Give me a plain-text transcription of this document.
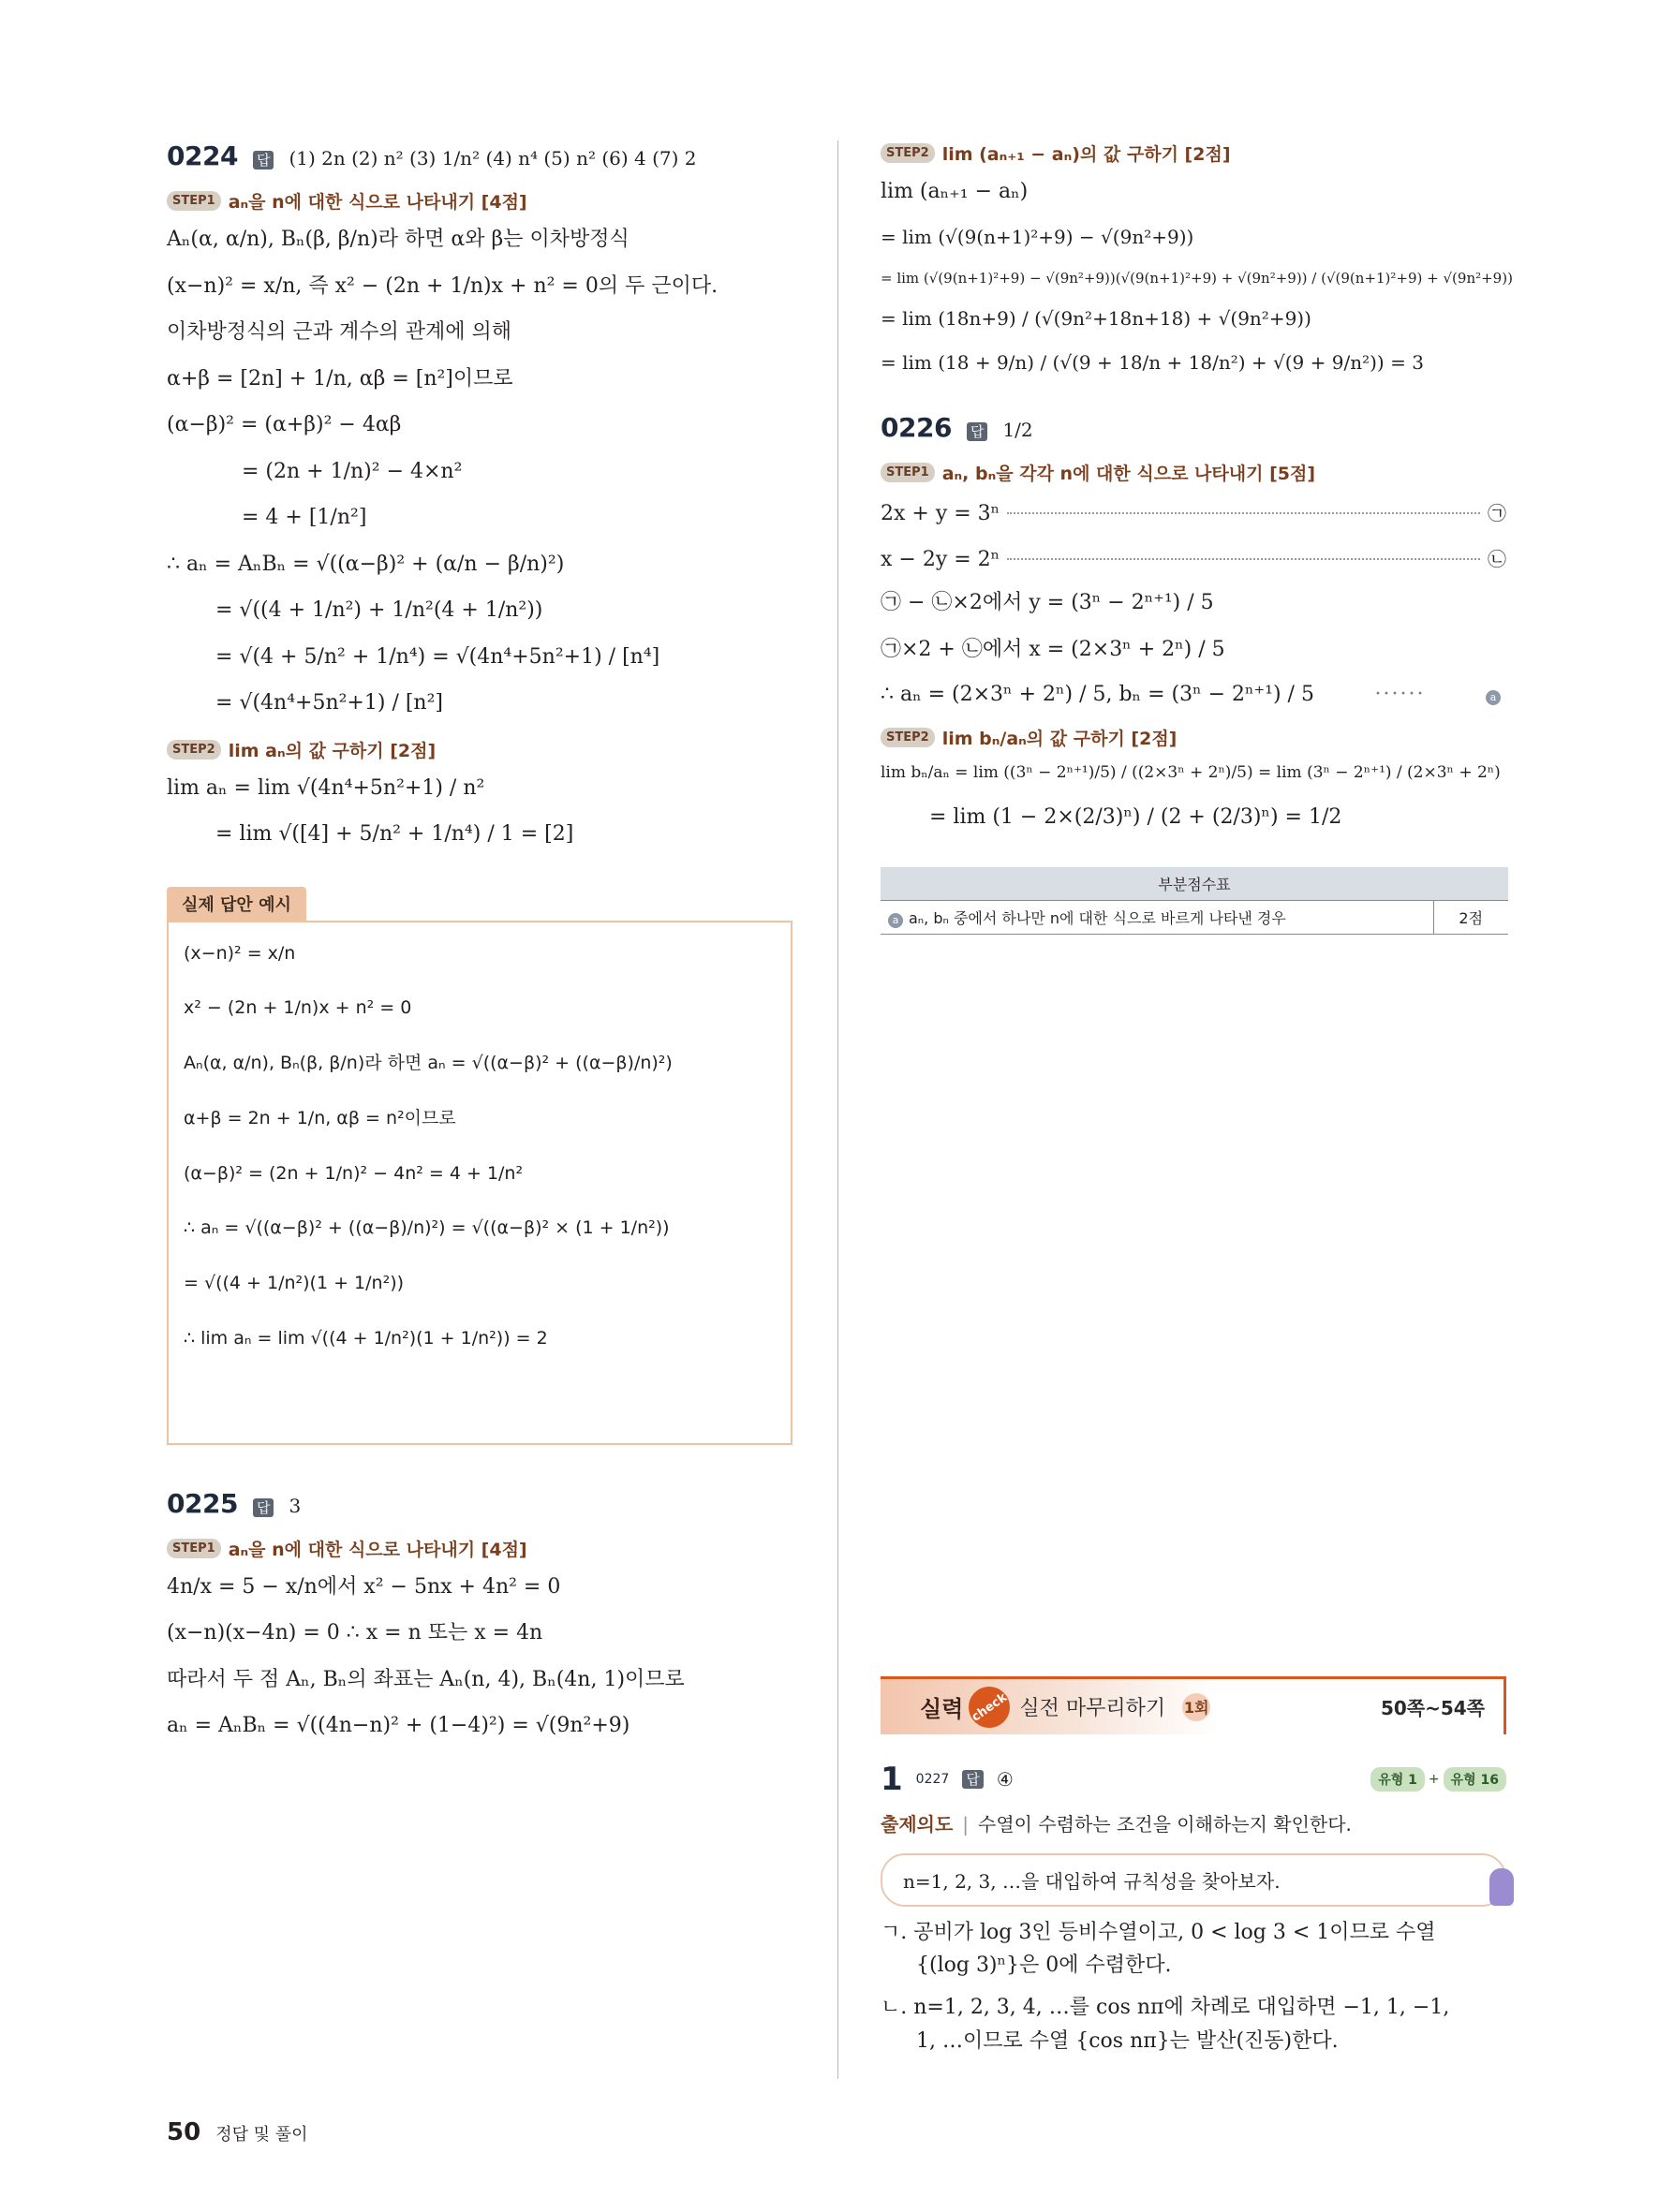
0224 답 (1) 2n (2) n² (3) 1/n² (4) n⁴ (5) n² (6) 4 (7) 2
STEP1 aₙ을 n에 대한 식으로 나타내기 [4점]
Aₙ(α, α/n), Bₙ(β, β/n)라 하면 α와 β는 이차방정식
(x−n)² = x/n, 즉 x² − (2n + 1/n)x + n² = 0의 두 근이다.
이차방정식의 근과 계수의 관계에 의해
α+β = [2n] + 1/n, αβ = [n²]이므로
(α−β)² = (α+β)² − 4αβ
= (2n + 1/n)² − 4×n²
= 4 + [1/n²]
∴ aₙ = AₙBₙ = √((α−β)² + (α/n − β/n)²)
= √((4 + 1/n²) + 1/n²(4 + 1/n²))
= √(4 + 5/n² + 1/n⁴) = √(4n⁴+5n²+1) / [n⁴]
= √(4n⁴+5n²+1) / [n²]
STEP2 lim aₙ의 값 구하기 [2점]
lim aₙ = lim √(4n⁴+5n²+1) / n²
= lim √([4] + 5/n² + 1/n⁴) / 1 = [2]
실제 답안 예시
(x−n)² = x/n
x² − (2n + 1/n)x + n² = 0
Aₙ(α, α/n), Bₙ(β, β/n)라 하면 aₙ = √((α−β)² + ((α−β)/n)²)
α+β = 2n + 1/n, αβ = n²이므로
(α−β)² = (2n + 1/n)² − 4n² = 4 + 1/n²
∴ aₙ = √((α−β)² + ((α−β)/n)²) = √((α−β)² × (1 + 1/n²))
= √((4 + 1/n²)(1 + 1/n²))
∴ lim aₙ = lim √((4 + 1/n²)(1 + 1/n²)) = 2
0225 답 3
STEP1 aₙ을 n에 대한 식으로 나타내기 [4점]
4n/x = 5 − x/n에서 x² − 5nx + 4n² = 0
(x−n)(x−4n) = 0 ∴ x = n 또는 x = 4n
따라서 두 점 Aₙ, Bₙ의 좌표는 Aₙ(n, 4), Bₙ(4n, 1)이므로
aₙ = AₙBₙ = √((4n−n)² + (1−4)²) = √(9n²+9)
STEP2 lim (aₙ₊₁ − aₙ)의 값 구하기 [2점]
lim (aₙ₊₁ − aₙ)
= lim (√(9(n+1)²+9) − √(9n²+9))
= lim (√(9(n+1)²+9) − √(9n²+9))(√(9(n+1)²+9) + √(9n²+9)) / (√(9(n+1)²+9) + √(9n²+9))
= lim (18n+9) / (√(9n²+18n+18) + √(9n²+9))
= lim (18 + 9/n) / (√(9 + 18/n + 18/n²) + √(9 + 9/n²)) = 3
0226 답 1/2
STEP1 aₙ, bₙ을 각각 n에 대한 식으로 나타내기 [5점]
2x + y = 3ⁿ	㉠
x − 2y = 2ⁿ	㉡
㉠ − ㉡×2에서 y = (3ⁿ − 2ⁿ⁺¹) / 5
㉠×2 + ㉡에서 x = (2×3ⁿ + 2ⁿ) / 5
∴ aₙ = (2×3ⁿ + 2ⁿ) / 5, bₙ = (3ⁿ − 2ⁿ⁺¹) / 5	······	a
STEP2 lim bₙ/aₙ의 값 구하기 [2점]
lim bₙ/aₙ = lim ((3ⁿ − 2ⁿ⁺¹)/5) / ((2×3ⁿ + 2ⁿ)/5) = lim (3ⁿ − 2ⁿ⁺¹) / (2×3ⁿ + 2ⁿ)
= lim (1 − 2×(2/3)ⁿ) / (2 + (2/3)ⁿ) = 1/2
부분점수표
a aₙ, bₙ 중에서 하나만 n에 대한 식으로 바르게 나타낸 경우	2점
실력 check 실전 마무리하기 1회	50쪽~54쪽
1 0227 답 ④	유형 1 + 유형 16
출제의도 | 수열이 수렴하는 조건을 이해하는지 확인한다.
n=1, 2, 3, …을 대입하여 규칙성을 찾아보자.
ㄱ. 공비가 log 3인 등비수열이고, 0 < log 3 < 1이므로 수열
{(log 3)ⁿ}은 0에 수렴한다.
ㄴ. n=1, 2, 3, 4, …를 cos nπ에 차례로 대입하면 −1, 1, −1,
1, …이므로 수열 {cos nπ}는 발산(진동)한다.
50 정답 및 풀이
